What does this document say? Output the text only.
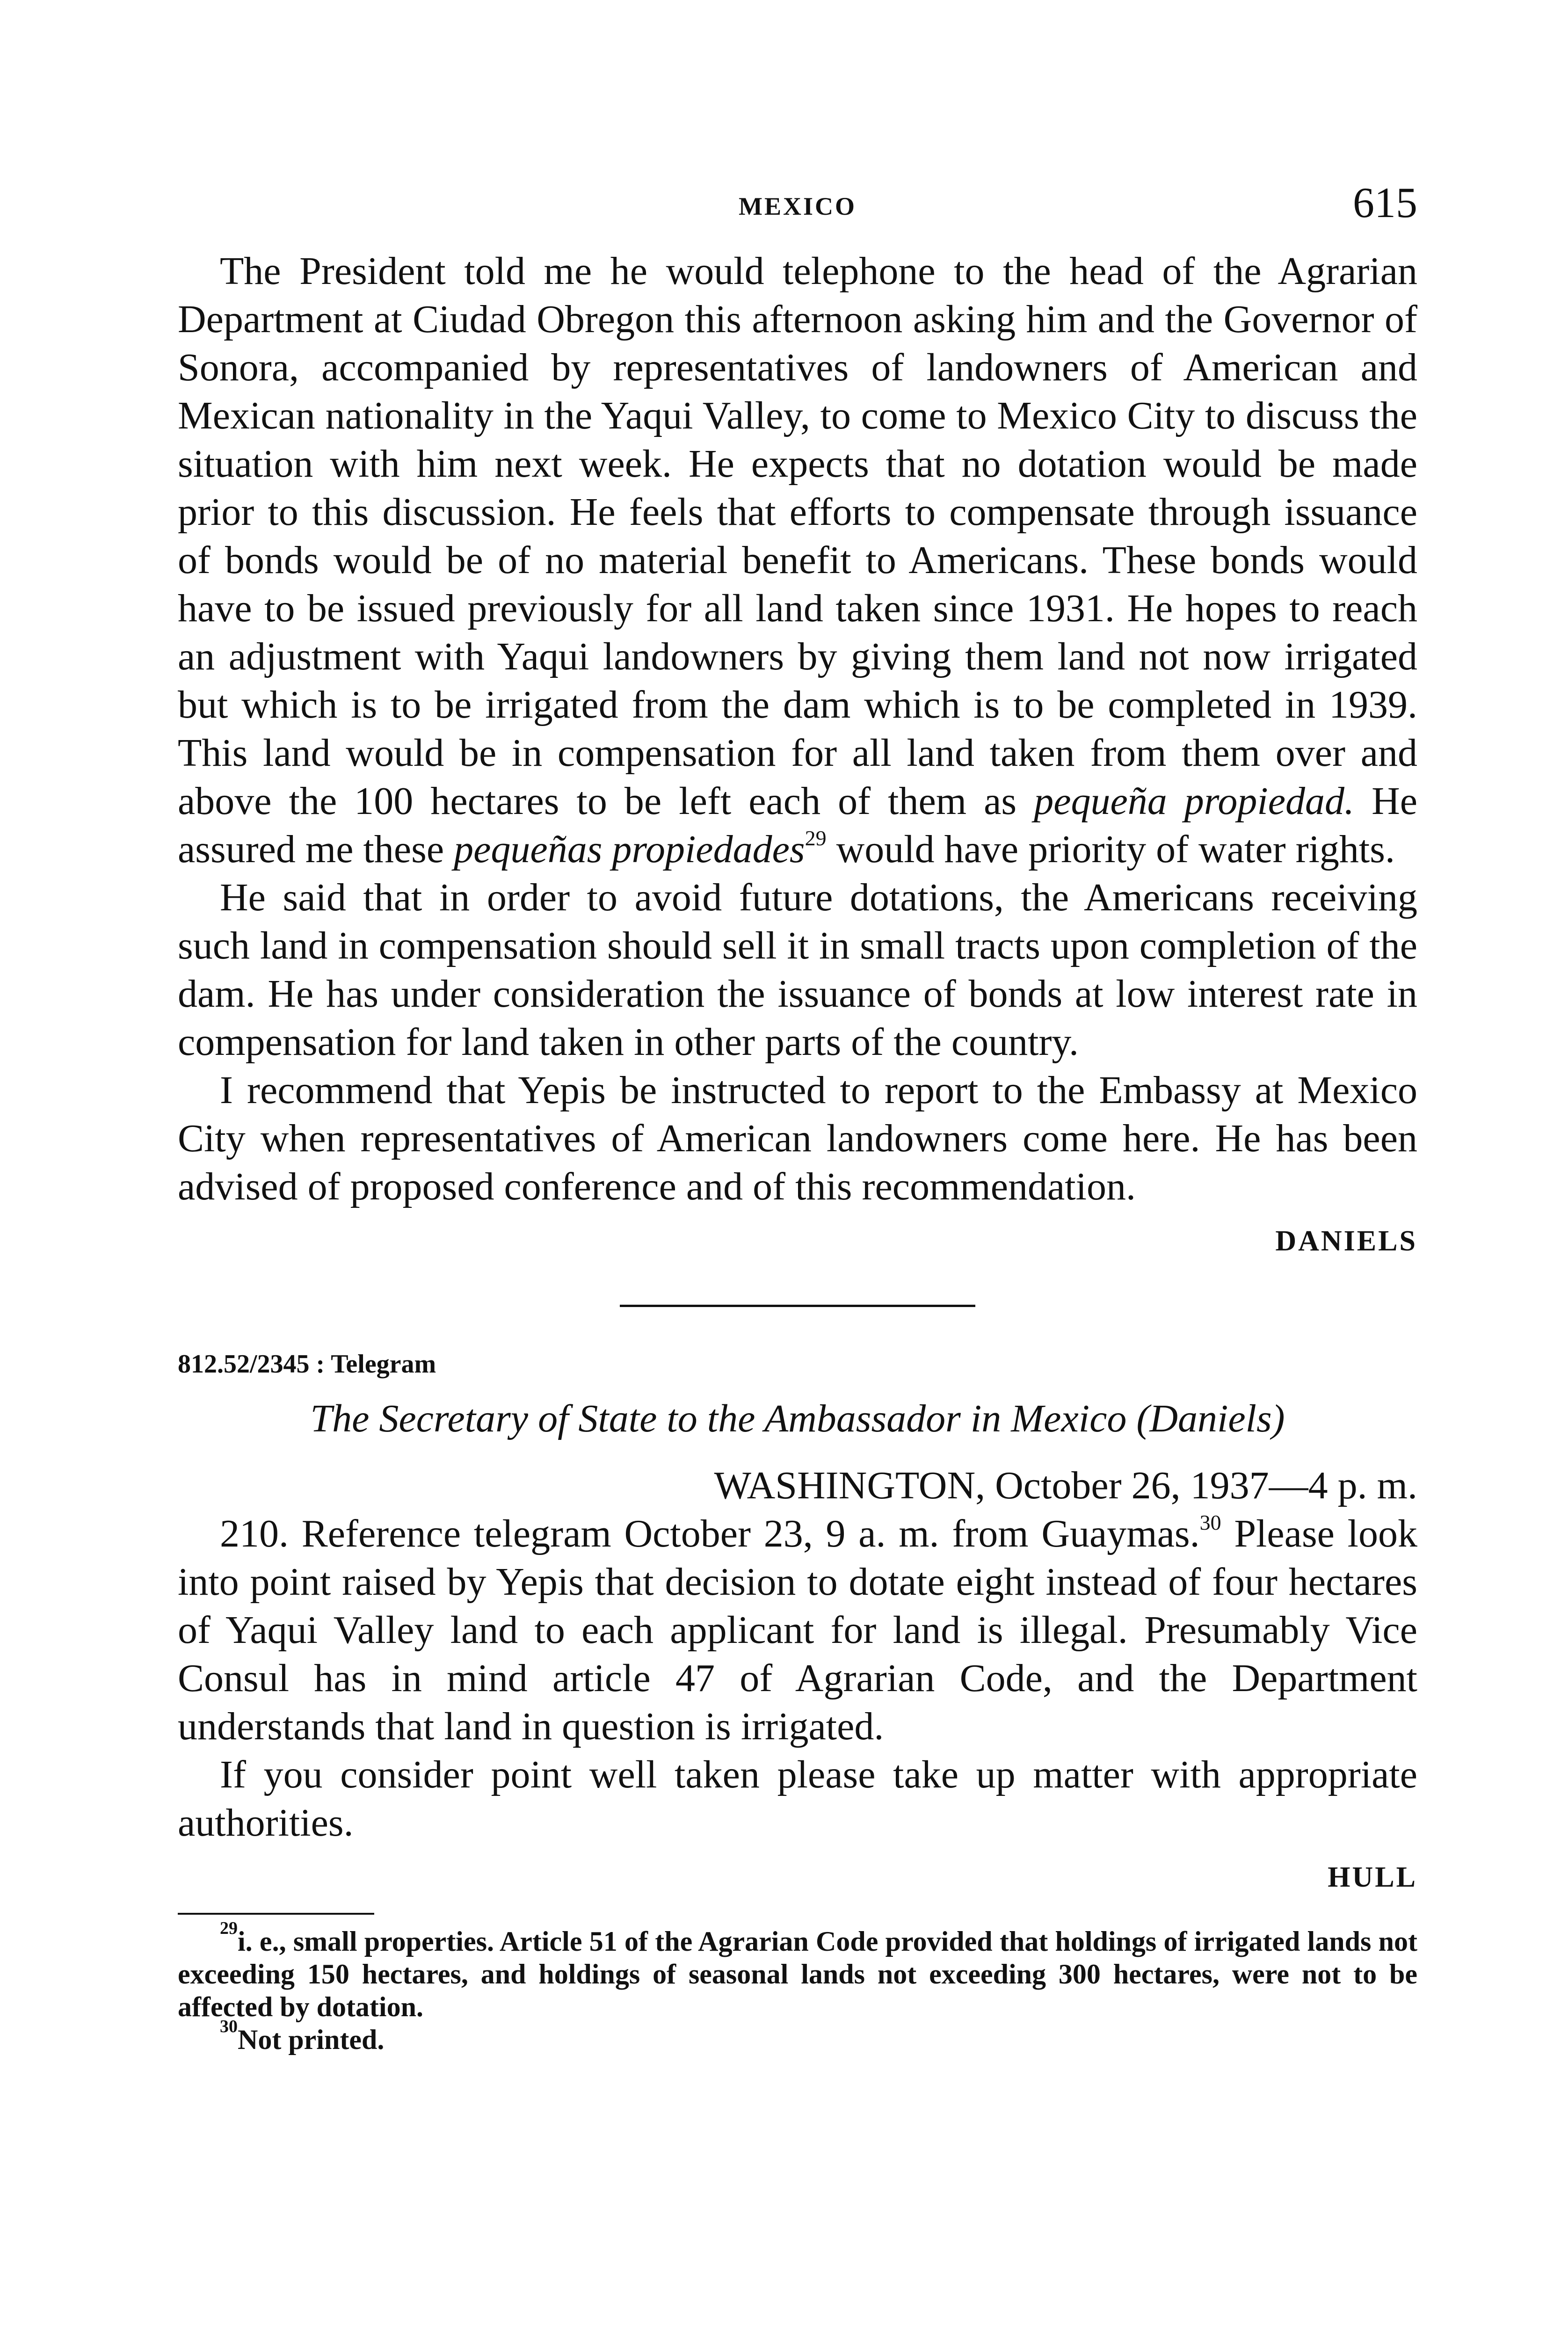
MEXICO	615

The President told me he would telephone to the head of the Agrarian Department at Ciudad Obregon this afternoon asking him and the Governor of Sonora, accompanied by representatives of landowners of American and Mexican nationality in the Yaqui Valley, to come to Mexico City to discuss the situation with him next week. He expects that no dotation would be made prior to this discussion. He feels that efforts to compensate through issuance of bonds would be of no material benefit to Americans. These bonds would have to be issued previously for all land taken since 1931. He hopes to reach an adjustment with Yaqui landowners by giving them land not now irrigated but which is to be irrigated from the dam which is to be completed in 1939. This land would be in compensation for all land taken from them over and above the 100 hectares to be left each of them as pequeña propiedad. He assured me these pequeñas propiedades$^{29}$ would have priority of water rights.

He said that in order to avoid future dotations, the Americans receiving such land in compensation should sell it in small tracts upon completion of the dam. He has under consideration the issuance of bonds at low interest rate in compensation for land taken in other parts of the country.

I recommend that Yepis be instructed to report to the Embassy at Mexico City when representatives of American landowners come here. He has been advised of proposed conference and of this recommendation.

DANIELS
812.52/2345 : Telegram
The Secretary of State to the Ambassador in Mexico (Daniels)
WASHINGTON, October 26, 1937—4 p. m.

210. Reference telegram October 23, 9 a. m. from Guaymas.$^{30}$ Please look into point raised by Yepis that decision to dotate eight instead of four hectares of Yaqui Valley land to each applicant for land is illegal. Presumably Vice Consul has in mind article 47 of Agrarian Code, and the Department understands that land in question is irrigated.

If you consider point well taken please take up matter with appropriate authorities.

HULL

$^{29}$i. e., small properties. Article 51 of the Agrarian Code provided that holdings of irrigated lands not exceeding 150 hectares, and holdings of seasonal lands not exceeding 300 hectares, were not to be affected by dotation.

$^{30}$Not printed.
